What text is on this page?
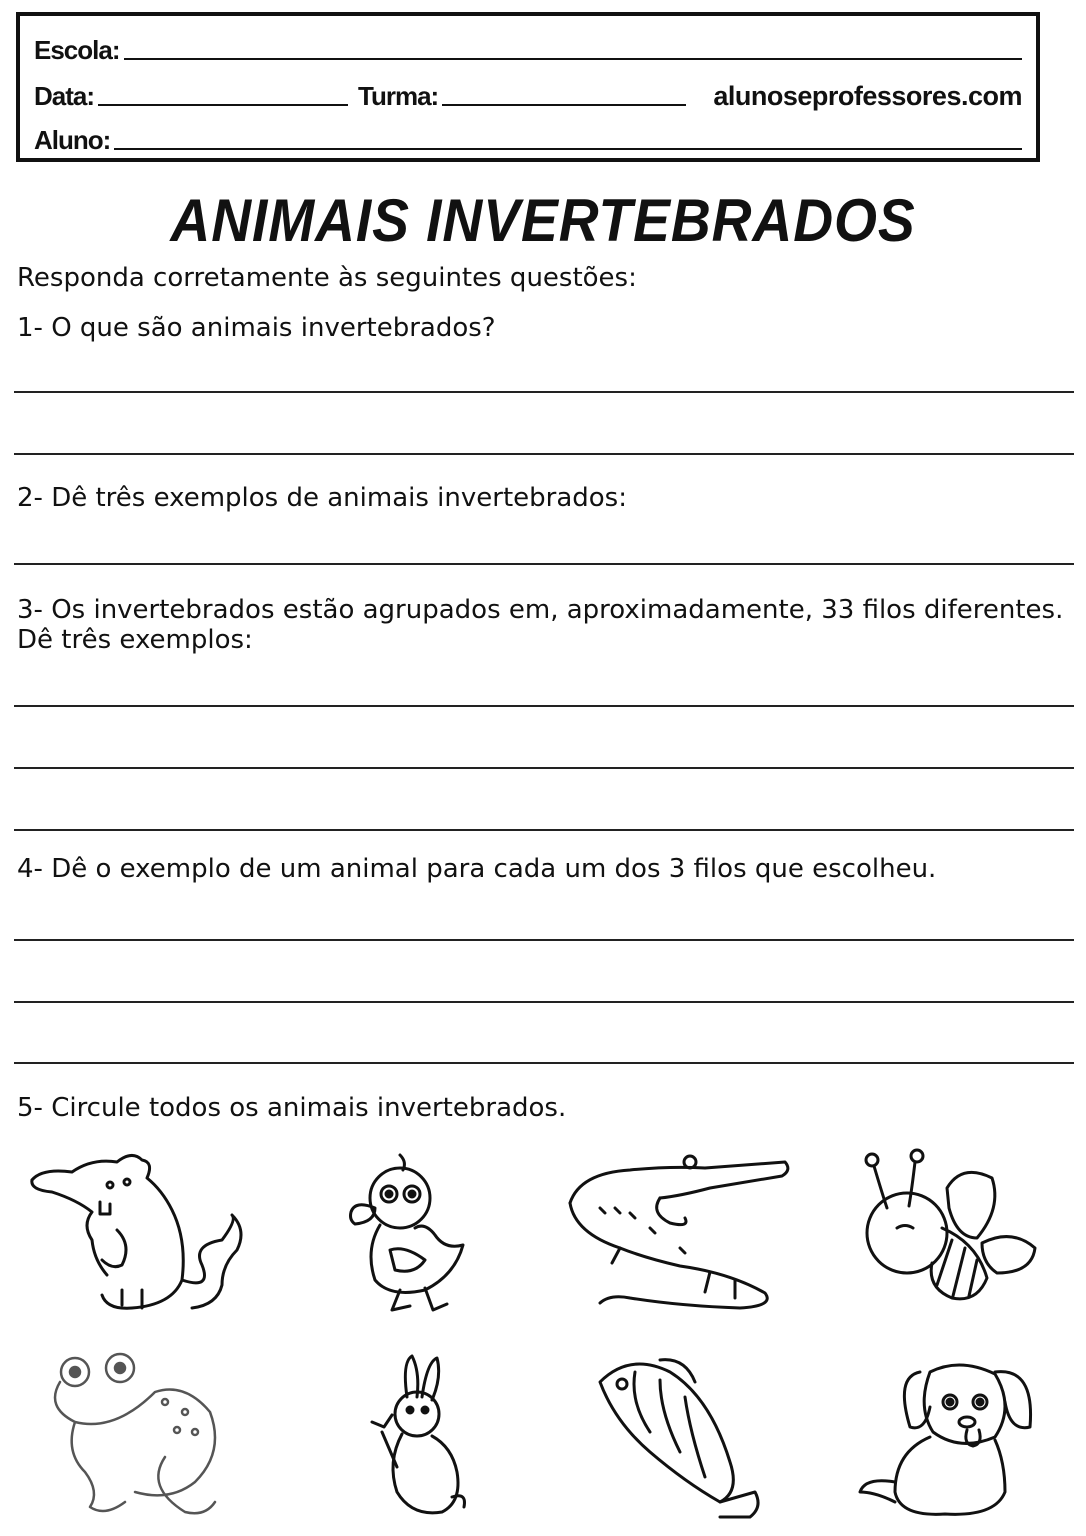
Escola:
Data:	Turma:	alunoseprofessores.com
Aluno:
ANIMAIS INVERTEBRADOS

Responda corretamente às seguintes questões:

1- O que são animais invertebrados?

2- Dê três exemplos de animais invertebrados:

3- Os invertebrados estão agrupados em, aproximadamente, 33 filos diferentes.

Dê três exemplos:

4- Dê o exemplo de um animal para cada um dos 3 filos que escolheu.

5- Circule todos os animais invertebrados.
